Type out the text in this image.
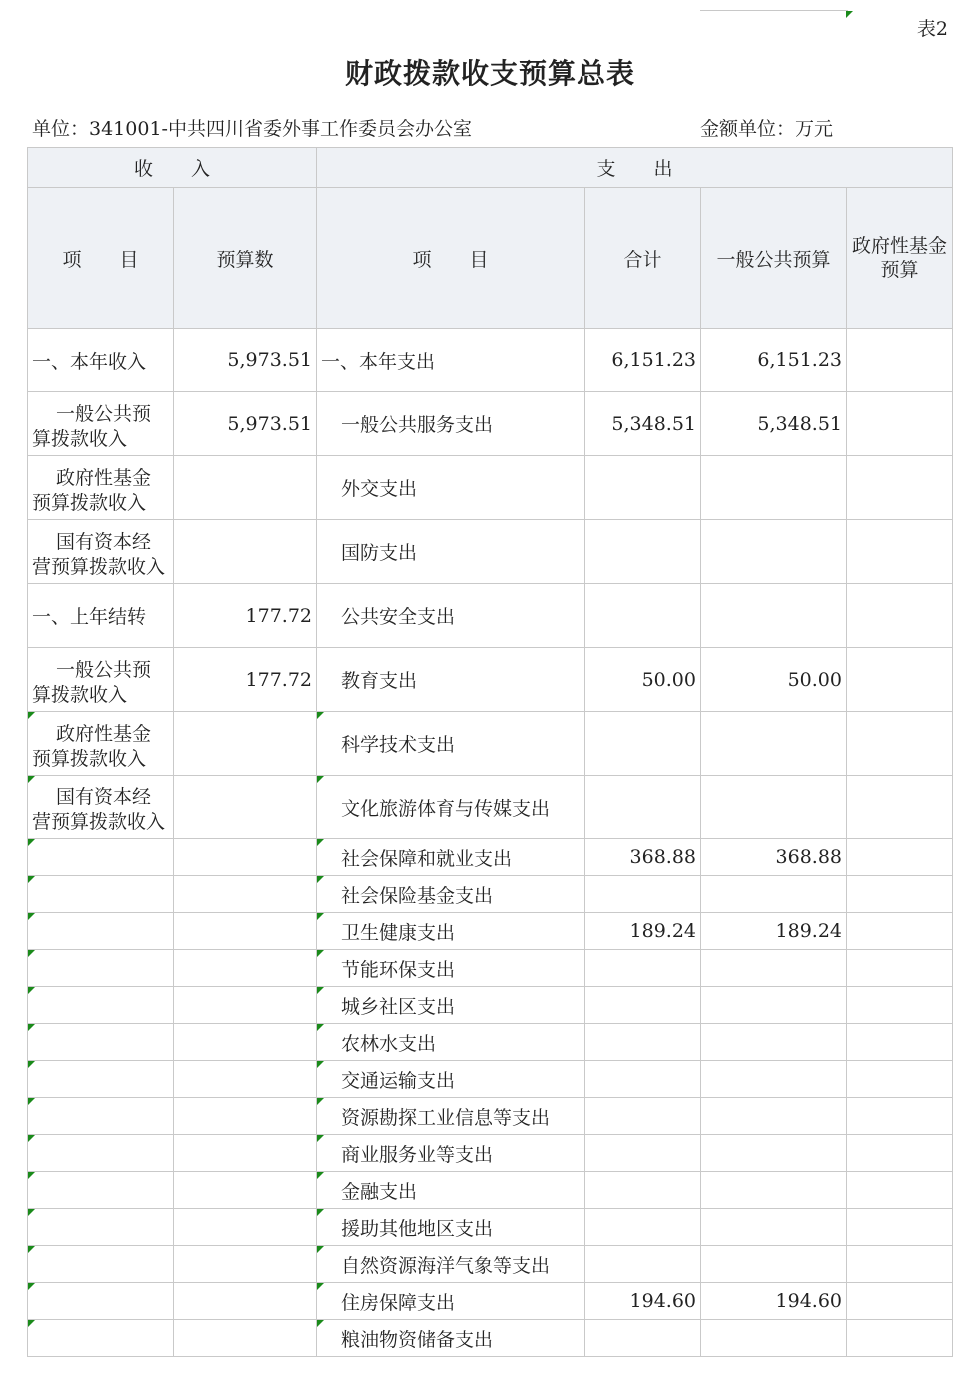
表2
财政拨款收支预算总表
单位：341001-中共四川省委外事工作委员会办公室	金额单位：万元
收　　入		支　　出			
项　　目	预算数	项　　目	合计	一般公共预算	政府性基金预算
一、本年收入	5,973.51	一、本年支出	6,151.23	6,151.23	

一般公共预算拨款收入	5,973.51	一般公共服务支出	5,348.51	5,348.51	

政府性基金预算拨款收入		外交支出			

国有资本经营预算拨款收入		国防支出			
一、上年结转	177.72	公共安全支出			

一般公共预算拨款收入	177.72	教育支出	50.00	50.00	

政府性基金预算拨款收入		科学技术支出

国有资本经营预算拨款收入		文化旅游体育与传媒支出

		社会保障和就业支出	368.88	368.88	

		社会保险基金支出

		卫生健康支出	189.24	189.24	

		节能环保支出

		城乡社区支出

		农林水支出

		交通运输支出

		资源勘探工业信息等支出

		商业服务业等支出

		金融支出

		援助其他地区支出

		自然资源海洋气象等支出

		住房保障支出	194.60	194.60	

		粮油物资储备支出
